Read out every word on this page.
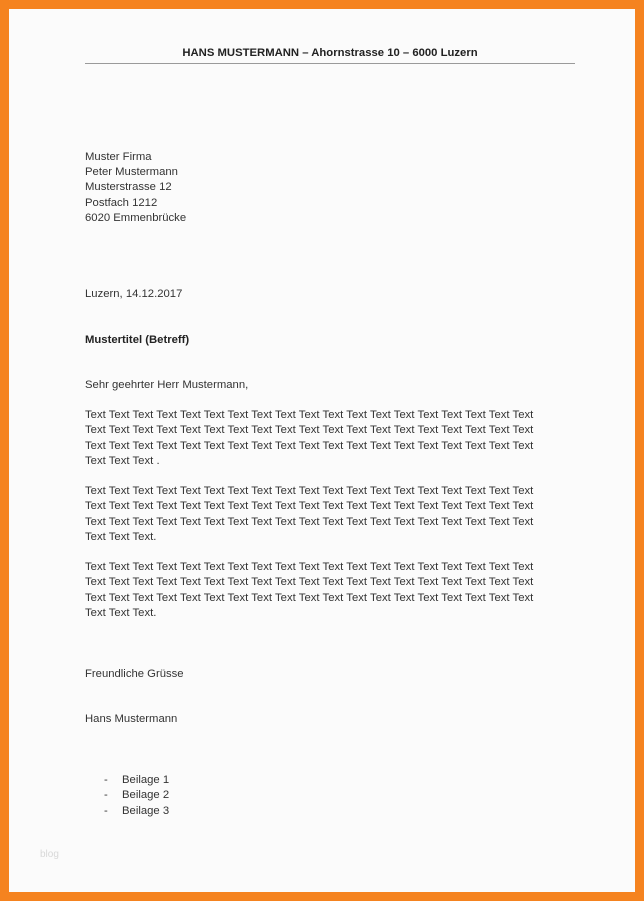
HANS MUSTERMANN – Ahornstrasse 10 – 6000 Luzern
Muster Firma
Peter Mustermann
Musterstrasse 12
Postfach 1212
6020 Emmenbrücke
Luzern, 14.12.2017
Mustertitel (Betreff)
Sehr geehrter Herr Mustermann,
Text Text Text Text Text Text Text Text Text Text Text Text Text Text Text Text Text Text Text
Text Text Text Text Text Text Text Text Text Text Text Text Text Text Text Text Text Text Text
Text Text Text Text Text Text Text Text Text Text Text Text Text Text Text Text Text Text Text
Text Text Text .
Text Text Text Text Text Text Text Text Text Text Text Text Text Text Text Text Text Text Text
Text Text Text Text Text Text Text Text Text Text Text Text Text Text Text Text Text Text Text
Text Text Text Text Text Text Text Text Text Text Text Text Text Text Text Text Text Text Text
Text Text Text.
Text Text Text Text Text Text Text Text Text Text Text Text Text Text Text Text Text Text Text
Text Text Text Text Text Text Text Text Text Text Text Text Text Text Text Text Text Text Text
Text Text Text Text Text Text Text Text Text Text Text Text Text Text Text Text Text Text Text
Text Text Text.
Freundliche Grüsse
Hans Mustermann
-	Beilage 1
-	Beilage 2
-	Beilage 3
blog
